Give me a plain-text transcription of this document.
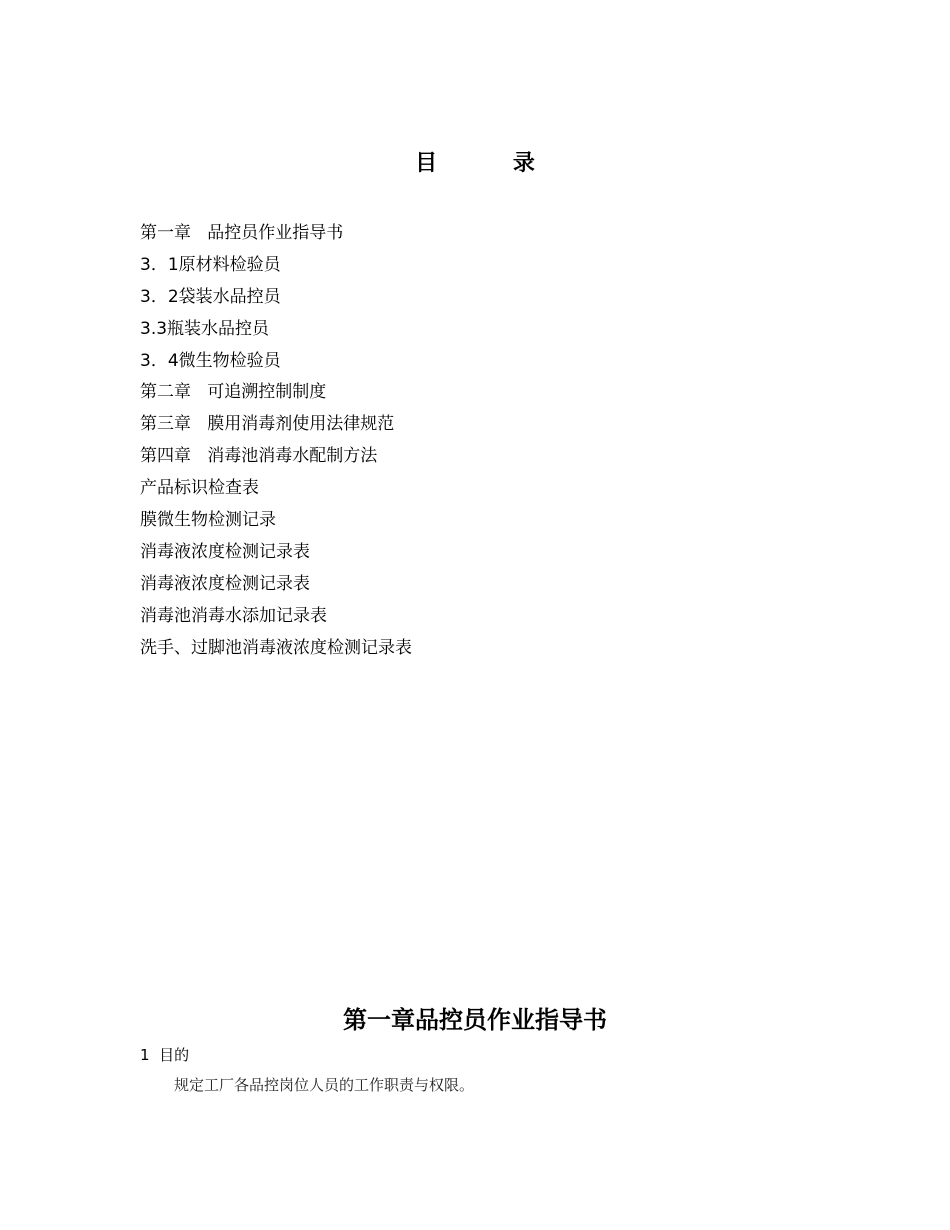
目 录
第一章   品控员作业指导书
3．1原材料检验员
3．2袋装水品控员
3.3瓶装水品控员
3．4微生物检验员
第二章   可追溯控制制度
第三章   膜用消毒剂使用法律规范
第四章   消毒池消毒水配制方法
产品标识检查表
膜微生物检测记录
消毒液浓度检测记录表
消毒液浓度检测记录表
消毒池消毒水添加记录表
洗手、过脚池消毒液浓度检测记录表
第一章品控员作业指导书
1  目的
规定工厂各品控岗位人员的工作职责与权限。
